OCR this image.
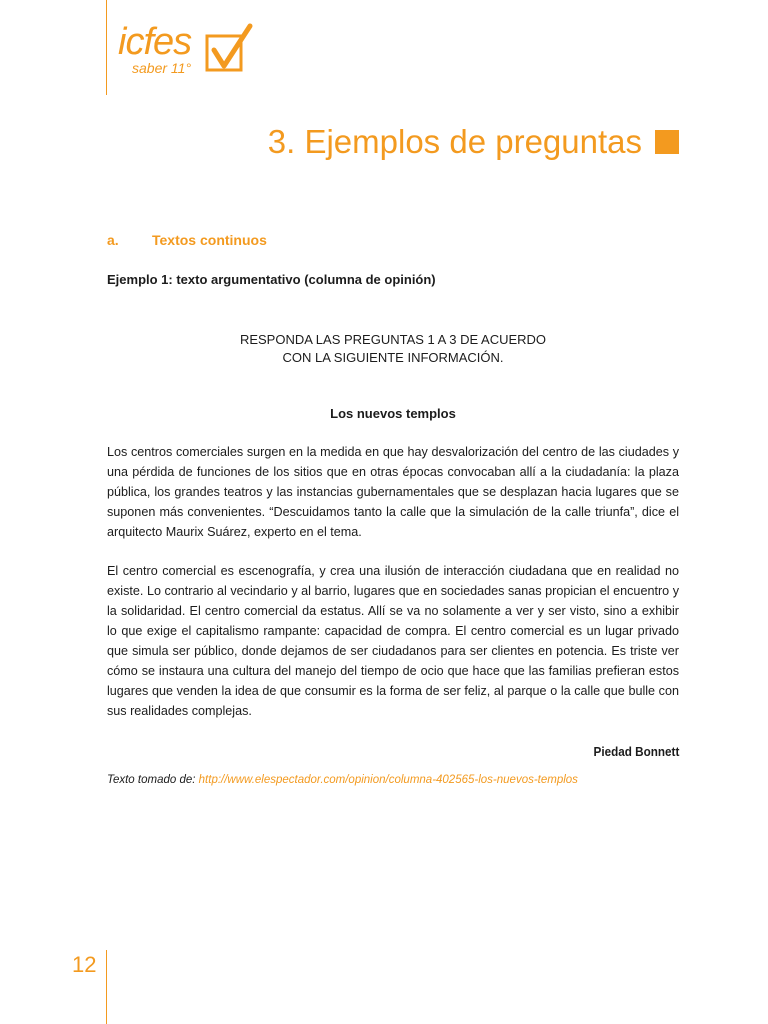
icfes
saber 11°
3. Ejemplos de preguntas
a. Textos continuos
Ejemplo 1: texto argumentativo (columna de opinión)
RESPONDA LAS PREGUNTAS 1 A 3 DE ACUERDO
CON LA SIGUIENTE INFORMACIÓN.
Los nuevos templos

Los centros comerciales surgen en la medida en que hay desvalorización del centro de las ciudades y una pérdida de funciones de los sitios que en otras épocas convocaban allí a la ciudadanía: la plaza pública, los grandes teatros y las instancias gubernamentales que se desplazan hacia lugares que se suponen más convenientes. “Descuidamos tanto la calle que la simulación de la calle triunfa”, dice el arquitecto Maurix Suárez, experto en el tema.

El centro comercial es escenografía, y crea una ilusión de interacción ciudadana que en realidad no existe. Lo contrario al vecindario y al barrio, lugares que en sociedades sanas propician el encuentro y la solidaridad. El centro comercial da estatus. Allí se va no solamente a ver y ser visto, sino a exhibir lo que exige el capitalismo rampante: capacidad de compra. El centro comercial es un lugar privado que simula ser público, donde dejamos de ser ciudadanos para ser clientes en potencia. Es triste ver cómo se instaura una cultura del manejo del tiempo de ocio que hace que las familias prefieran estos lugares que venden la idea de que consumir es la forma de ser feliz, al parque o la calle que bulle con sus realidades complejas.

Piedad Bonnett
Texto tomado de: http://www.elespectador.com/opinion/columna-402565-los-nuevos-templos
12
